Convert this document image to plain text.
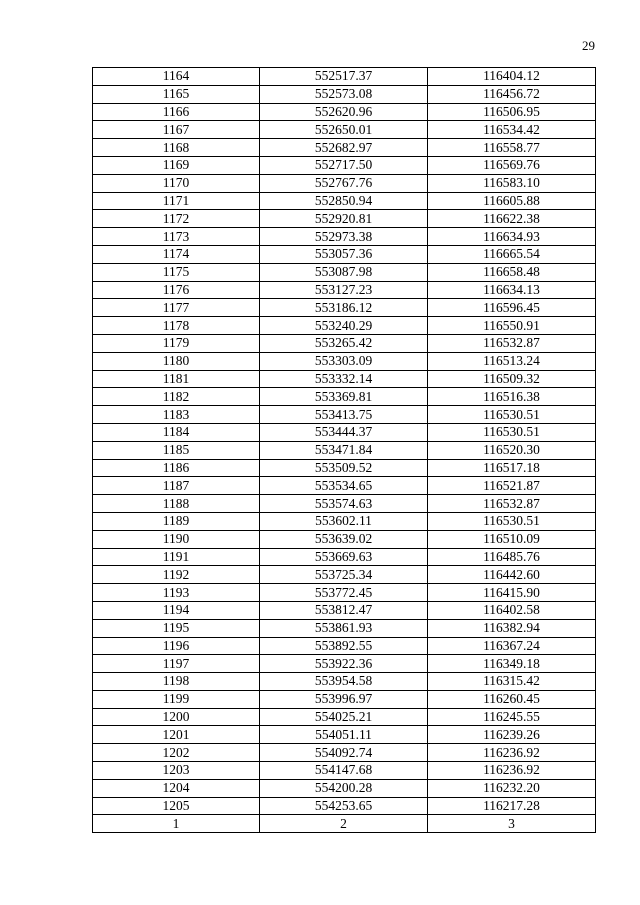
29
1164	552517.37	116404.12
1165	552573.08	116456.72
1166	552620.96	116506.95
1167	552650.01	116534.42
1168	552682.97	116558.77
1169	552717.50	116569.76
1170	552767.76	116583.10
1171	552850.94	116605.88
1172	552920.81	116622.38
1173	552973.38	116634.93
1174	553057.36	116665.54
1175	553087.98	116658.48
1176	553127.23	116634.13
1177	553186.12	116596.45
1178	553240.29	116550.91
1179	553265.42	116532.87
1180	553303.09	116513.24
1181	553332.14	116509.32
1182	553369.81	116516.38
1183	553413.75	116530.51
1184	553444.37	116530.51
1185	553471.84	116520.30
1186	553509.52	116517.18
1187	553534.65	116521.87
1188	553574.63	116532.87
1189	553602.11	116530.51
1190	553639.02	116510.09
1191	553669.63	116485.76
1192	553725.34	116442.60
1193	553772.45	116415.90
1194	553812.47	116402.58
1195	553861.93	116382.94
1196	553892.55	116367.24
1197	553922.36	116349.18
1198	553954.58	116315.42
1199	553996.97	116260.45
1200	554025.21	116245.55
1201	554051.11	116239.26
1202	554092.74	116236.92
1203	554147.68	116236.92
1204	554200.28	116232.20
1205	554253.65	116217.28
1	2	3
